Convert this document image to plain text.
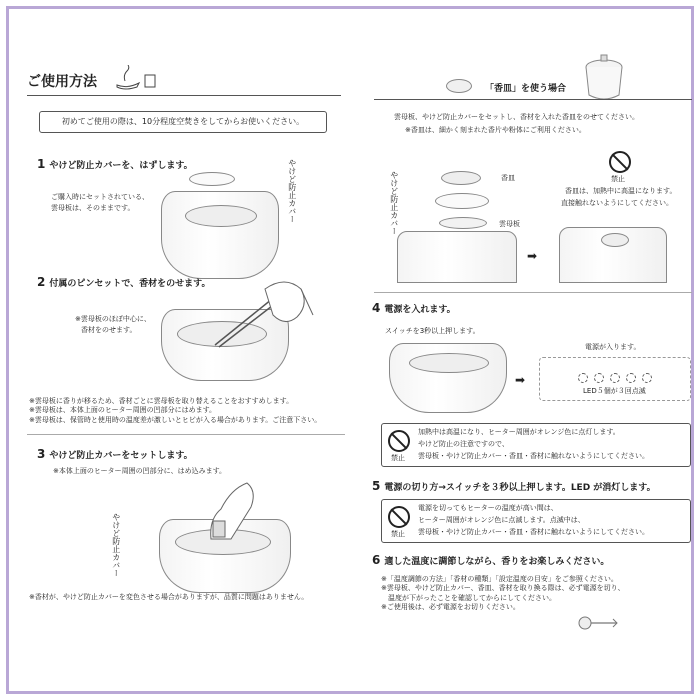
ご使用方法
初めてご使用の際は、10分程度空焚きをしてからお使いください。
1 やけど防止カバーを、はずします。	やけど防止カバー
ご購入時にセットされている、
雲母板は、そのままです。
2 付属のピンセットで、香材をのせます。
※雲母板のほぼ中心に、
香材をのせます。
※雲母板に香りが移るため、香材ごとに雲母板を取り替えることをおすすめします。
※雲母板は、本体上面のヒーター周囲の凹部分にはめます。
※雲母板は、保管時と使用時の温度差が激しいとヒビが入る場合があります。ご注意下さい。
3 やけど防止カバーをセットします。
※本体上面のヒーター周囲の凹部分に、はめ込みます。
やけど防止カバー
※香材が、やけど防止カバーを変色させる場合がありますが、品質に問題はありません。
「香皿」を使う場合
雲母板、やけど防止カバーをセットし、香材を入れた香皿をのせてください。
※香皿は、細かく刻まれた香片や粉体にご利用ください。
やけど防止カバー	香皿
雲母板
➡
禁止
香皿は、加熱中に高温になります。
直接触れないようにしてください。
4 電源を入れます。
スイッチを3秒以上押します。
➡
電源が入ります。
LED５個が３回点滅
禁止
加熱中は高温になり、ヒーター周囲がオレンジ色に点灯します。
やけど防止の注意ですので、
雲母板・やけど防止カバー・香皿・香材に触れないようにしてください。
5 電源の切り方→スイッチを３秒以上押します。LED が消灯します。
禁止
電源を切ってもヒーターの温度が高い間は、
ヒーター周囲がオレンジ色に点滅します。点滅中は、
雲母板・やけど防止カバー・香皿・香材に触れないようにしてください。
6 適した温度に調節しながら、香りをお楽しみください。
※「温度調節の方法」「香材の種類」「設定温度の目安」をご参照ください。
※雲母板、やけど防止カバー、香皿、香材を取り換る際は、必ず電源を切り、
　温度が下がったことを確認してからにしてください。
※ご使用後は、必ず電源をお切りください。
